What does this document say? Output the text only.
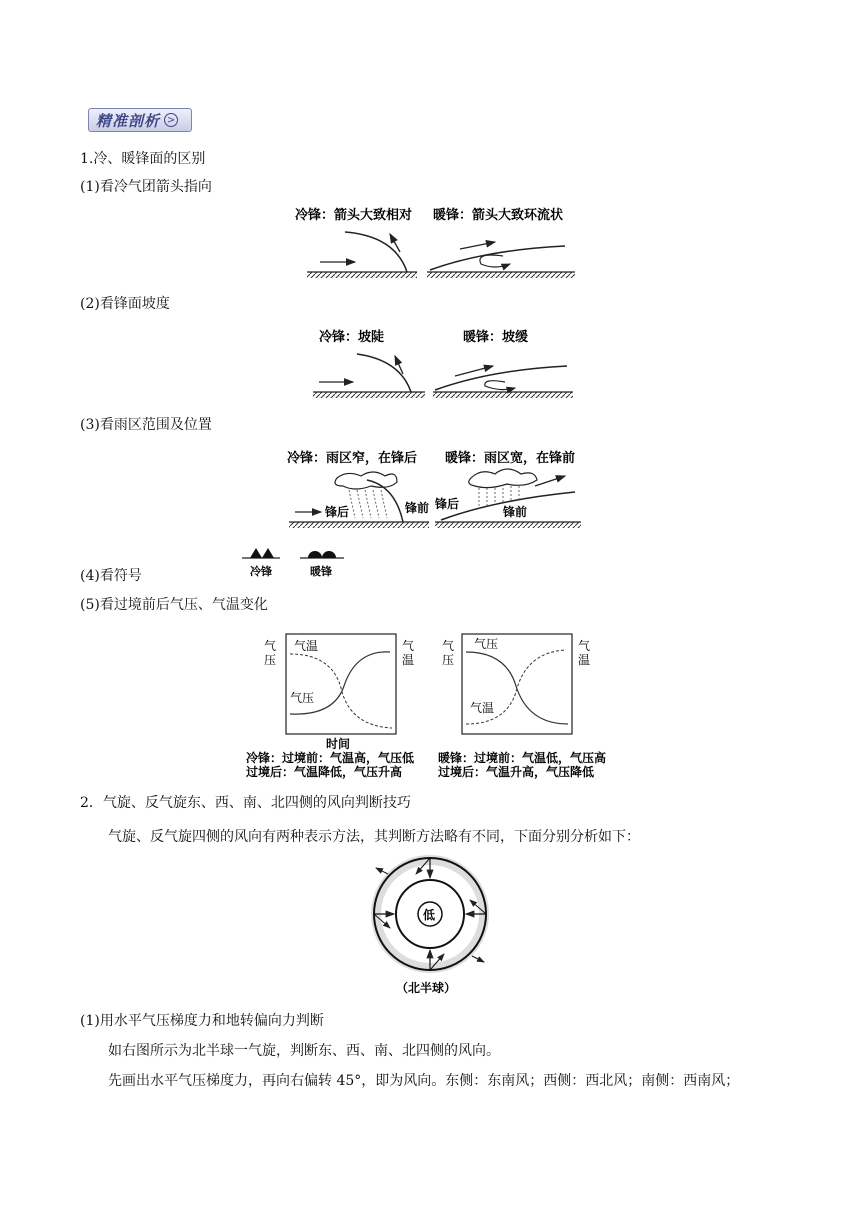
精准剖析 >
1.冷、暖锋面的区别
(1)看冷气团箭头指向
冷锋：箭头大致相对 暖锋：箭头大致环流状
(2)看锋面坡度
冷锋：坡陡	暖锋：坡缓
(3)看雨区范围及位置
冷锋：雨区窄，在锋后 暖锋：雨区宽，在锋前
锋后	锋前 锋后
锋前
冷锋	暖锋
(4)看符号
(5)看过境前后气压、气温变化
气压
气温
气温
气压
气压
气温
气压
气温
时间
冷锋：过境前：气温高，气压低
过境后：气温降低，气压升高
暖锋：过境前：气温低，气压高
过境后：气温升高，气压降低
2．气旋、反气旋东、西、南、北四侧的风向判断技巧
气旋、反气旋四侧的风向有两种表示方法，其判断方法略有不同，下面分别分析如下：
低
（北半球）
(1)用水平气压梯度力和地转偏向力判断
如右图所示为北半球一气旋，判断东、西、南、北四侧的风向。
先画出水平气压梯度力，再向右偏转 45°，即为风向。东侧：东南风；西侧：西北风；南侧：西南风；
